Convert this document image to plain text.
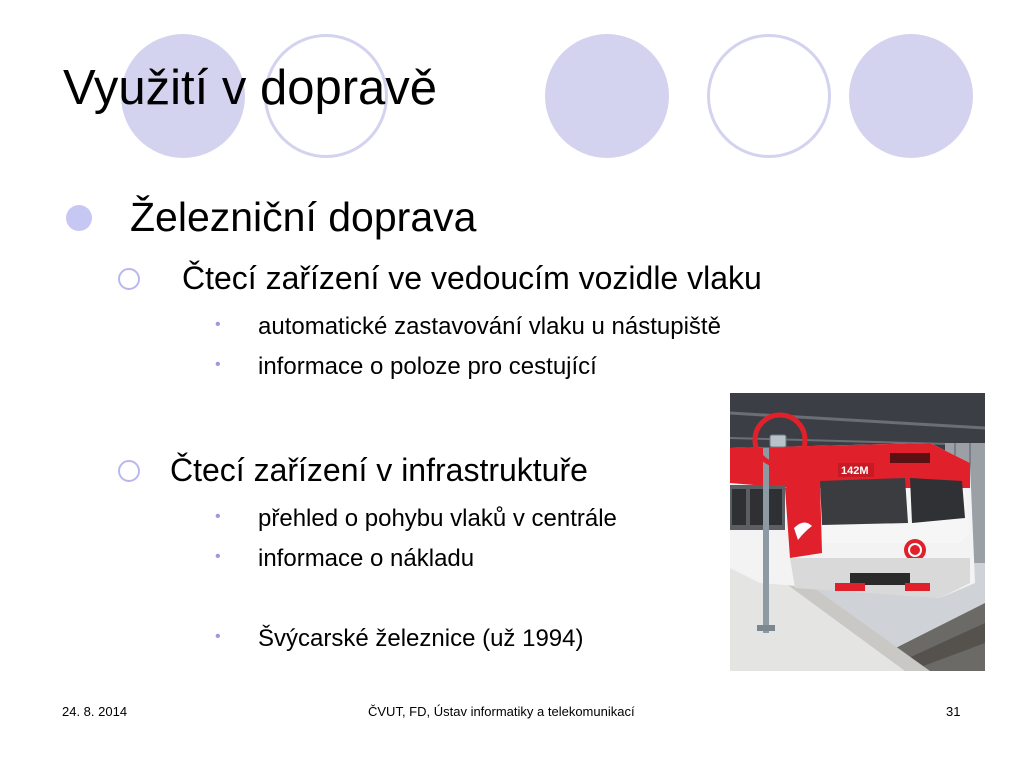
Využití v dopravě
Železniční doprava
Čtecí zařízení ve vedoucím vozidle vlaku
• automatické zastavování vlaku u nástupiště
• informace o poloze pro cestující
Čtecí zařízení v infrastruktuře
• přehled o pohybu vlaků v centrále
• informace o nákladu
• Švýcarské železnice (už 1994)
142M
24. 8. 2014	ČVUT, FD, Ústav informatiky a telekomunikací	31
